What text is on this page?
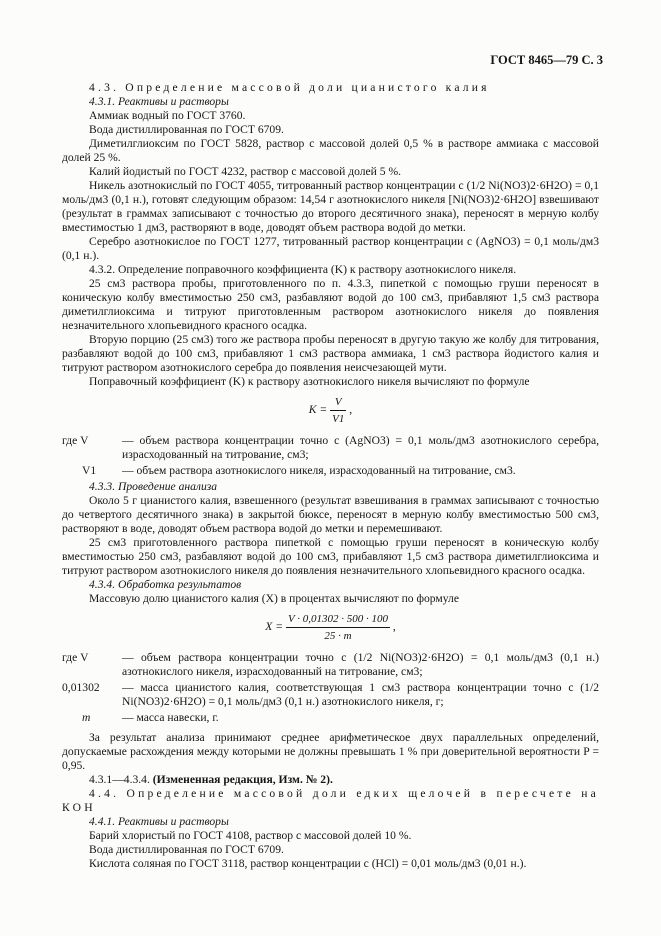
ГОСТ 8465—79 С. 3

4.3. Определение массовой доли цианистого калия

4.3.1. Реактивы и растворы

Аммиак водный по ГОСТ 3760.

Вода дистиллированная по ГОСТ 6709.

Диметилглиоксим по ГОСТ 5828, раствор с массовой долей 0,5 % в растворе аммиака с массовой долей 25 %.

Калий йодистый по ГОСТ 4232, раствор с массовой долей 5 %.

Никель азотнокислый по ГОСТ 4055, титрованный раствор концентрации c (1/2 Ni(NO3)2·6H2O) = 0,1 моль/дм3 (0,1 н.), готовят следующим образом: 14,54 г азотнокислого никеля [Ni(NO3)2·6H2O] взвешивают (результат в граммах записывают с точностью до второго десятичного знака), переносят в мерную колбу вместимостью 1 дм3, растворяют в воде, доводят объем раствора водой до метки.

Серебро азотнокислое по ГОСТ 1277, титрованный раствор концентрации c (AgNO3) = 0,1 моль/дм3 (0,1 н.).

4.3.2. Определение поправочного коэффициента (K) к раствору азотнокислого никеля.

25 см3 раствора пробы, приготовленного по п. 4.3.3, пипеткой с помощью груши переносят в коническую колбу вместимостью 250 см3, разбавляют водой до 100 см3, прибавляют 1,5 см3 раствора диметилглиоксима и титруют приготовленным раствором азотнокислого никеля до появления незначительного хлопьевидного красного осадка.

Вторую порцию (25 см3) того же раствора пробы переносят в другую такую же колбу для титрования, разбавляют водой до 100 см3, прибавляют 1 см3 раствора аммиака, 1 см3 раствора йодистого калия и титруют раствором азотнокислого серебра до появления неисчезающей мути.

Поправочный коэффициент (K) к раствору азотнокислого никеля вычисляют по формуле

$K = \frac{V}{V1}$ ,
где V	— объем раствора концентрации точно c (AgNO3) = 0,1 моль/дм3 азотнокислого серебра, израсходованный на титрование, см3;
V1	— объем раствора азотнокислого никеля, израсходованный на титрование, см3.

4.3.3. Проведение анализа

Около 5 г цианистого калия, взвешенного (результат взвешивания в граммах записывают с точностью до четвертого десятичного знака) в закрытой бюксе, переносят в мерную колбу вместимостью 500 см3, растворяют в воде, доводят объем раствора водой до метки и перемешивают.

25 см3 приготовленного раствора пипеткой с помощью груши переносят в коническую колбу вместимостью 250 см3, разбавляют водой до 100 см3, прибавляют 1,5 см3 раствора диметилглиоксима и титруют раствором азотнокислого никеля до появления незначительного хлопьевидного красного осадка.

4.3.4. Обработка результатов

Массовую долю цианистого калия (X) в процентах вычисляют по формуле

$X = \frac{V \cdot 0,01302 \cdot 500 \cdot 100}{25 \cdot m}$ ,
где V	— объем раствора концентрации точно c (1/2 Ni(NO3)2·6H2O) = 0,1 моль/дм3 (0,1 н.) азотнокислого никеля, израсходованный на титрование, см3;
0,01302	— масса цианистого калия, соответствующая 1 см3 раствора концентрации точно c (1/2 Ni(NO3)2·6H2O) = 0,1 моль/дм3 (0,1 н.) азотнокислого никеля, г;
m	— масса навески, г.

За результат анализа принимают среднее арифметическое двух параллельных определений, допускаемые расхождения между которыми не должны превышать 1 % при доверительной вероятности P = 0,95.

4.3.1—4.3.4. (Измененная редакция, Изм. № 2).

4.4. Определение массовой доли едких щелочей в пересчете на КОН

4.4.1. Реактивы и растворы

Барий хлористый по ГОСТ 4108, раствор с массовой долей 10 %.

Вода дистиллированная по ГОСТ 6709.

Кислота соляная по ГОСТ 3118, раствор концентрации c (HCl) = 0,01 моль/дм3 (0,01 н.).
